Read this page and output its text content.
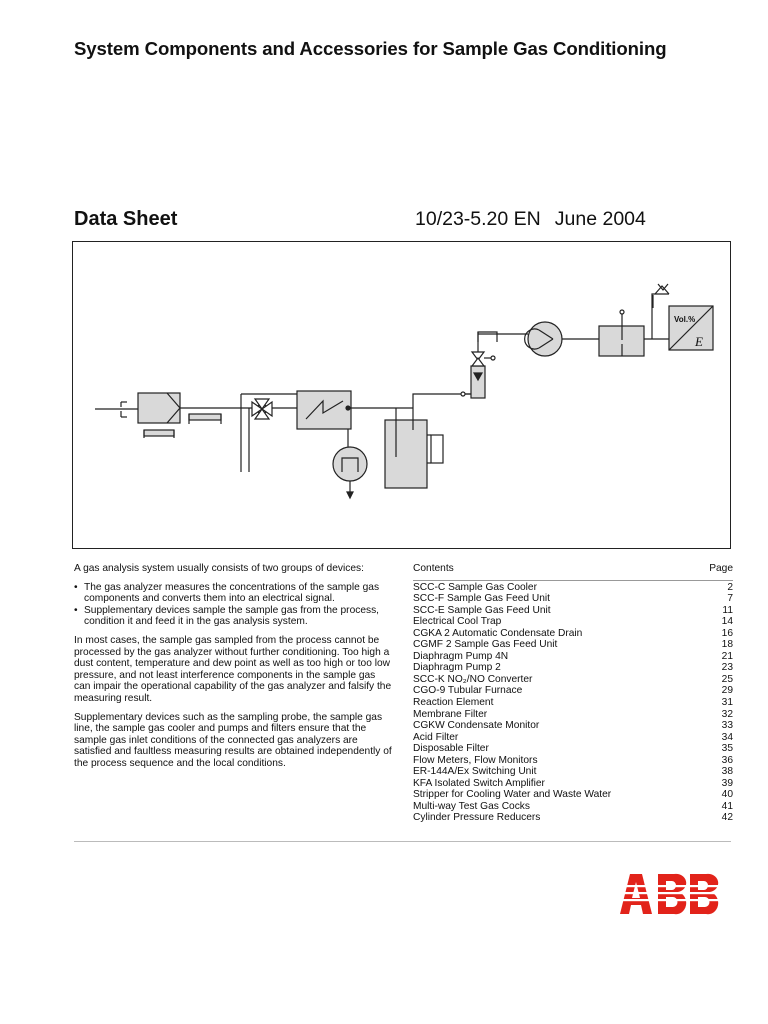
System Components and Accessories for Sample Gas Conditioning
Data Sheet	10/23-5.20 EN June 2004
Vol.%
E

A gas analysis system usually consists of two groups of devices:

• The gas analyzer measures the concentrations of the sample gas components and converts them into an electrical signal.
• Supplementary devices sample the sample gas from the process, condition it and feed it in the gas analysis system.

In most cases, the sample gas sampled from the process cannot be processed by the gas analyzer without further conditioning. Too high a dust content, temperature and dew point as well as too high or too low pressure, and not least interference components in the sample gas can impair the operational capability of the gas analyzer and falsify the measuring result.

Supplementary devices such as the sampling probe, the sample gas line, the sample gas cooler and pumps and filters ensure that the sample gas inlet conditions of the connected gas analyzers are satisfied and faultless measuring results are obtained independently of the process sequence and the local conditions.

Contents	Page
SCC-C Sample Gas Cooler	2
SCC-F Sample Gas Feed Unit	7
SCC-E Sample Gas Feed Unit	11
Electrical Cool Trap	14
CGKA 2 Automatic Condensate Drain	16
CGMF 2 Sample Gas Feed Unit	18
Diaphragm Pump 4N	21
Diaphragm Pump 2	23
SCC-K NO₂/NO Converter	25
CGO-9 Tubular Furnace	29
Reaction Element	31
Membrane Filter	32
CGKW Condensate Monitor	33
Acid Filter	34
Disposable Filter	35
Flow Meters, Flow Monitors	36
ER-144A/Ex Switching Unit	38
KFA Isolated Switch Amplifier	39
Stripper for Cooling Water and Waste Water	40
Multi-way Test Gas Cocks	41
Cylinder Pressure Reducers	42
